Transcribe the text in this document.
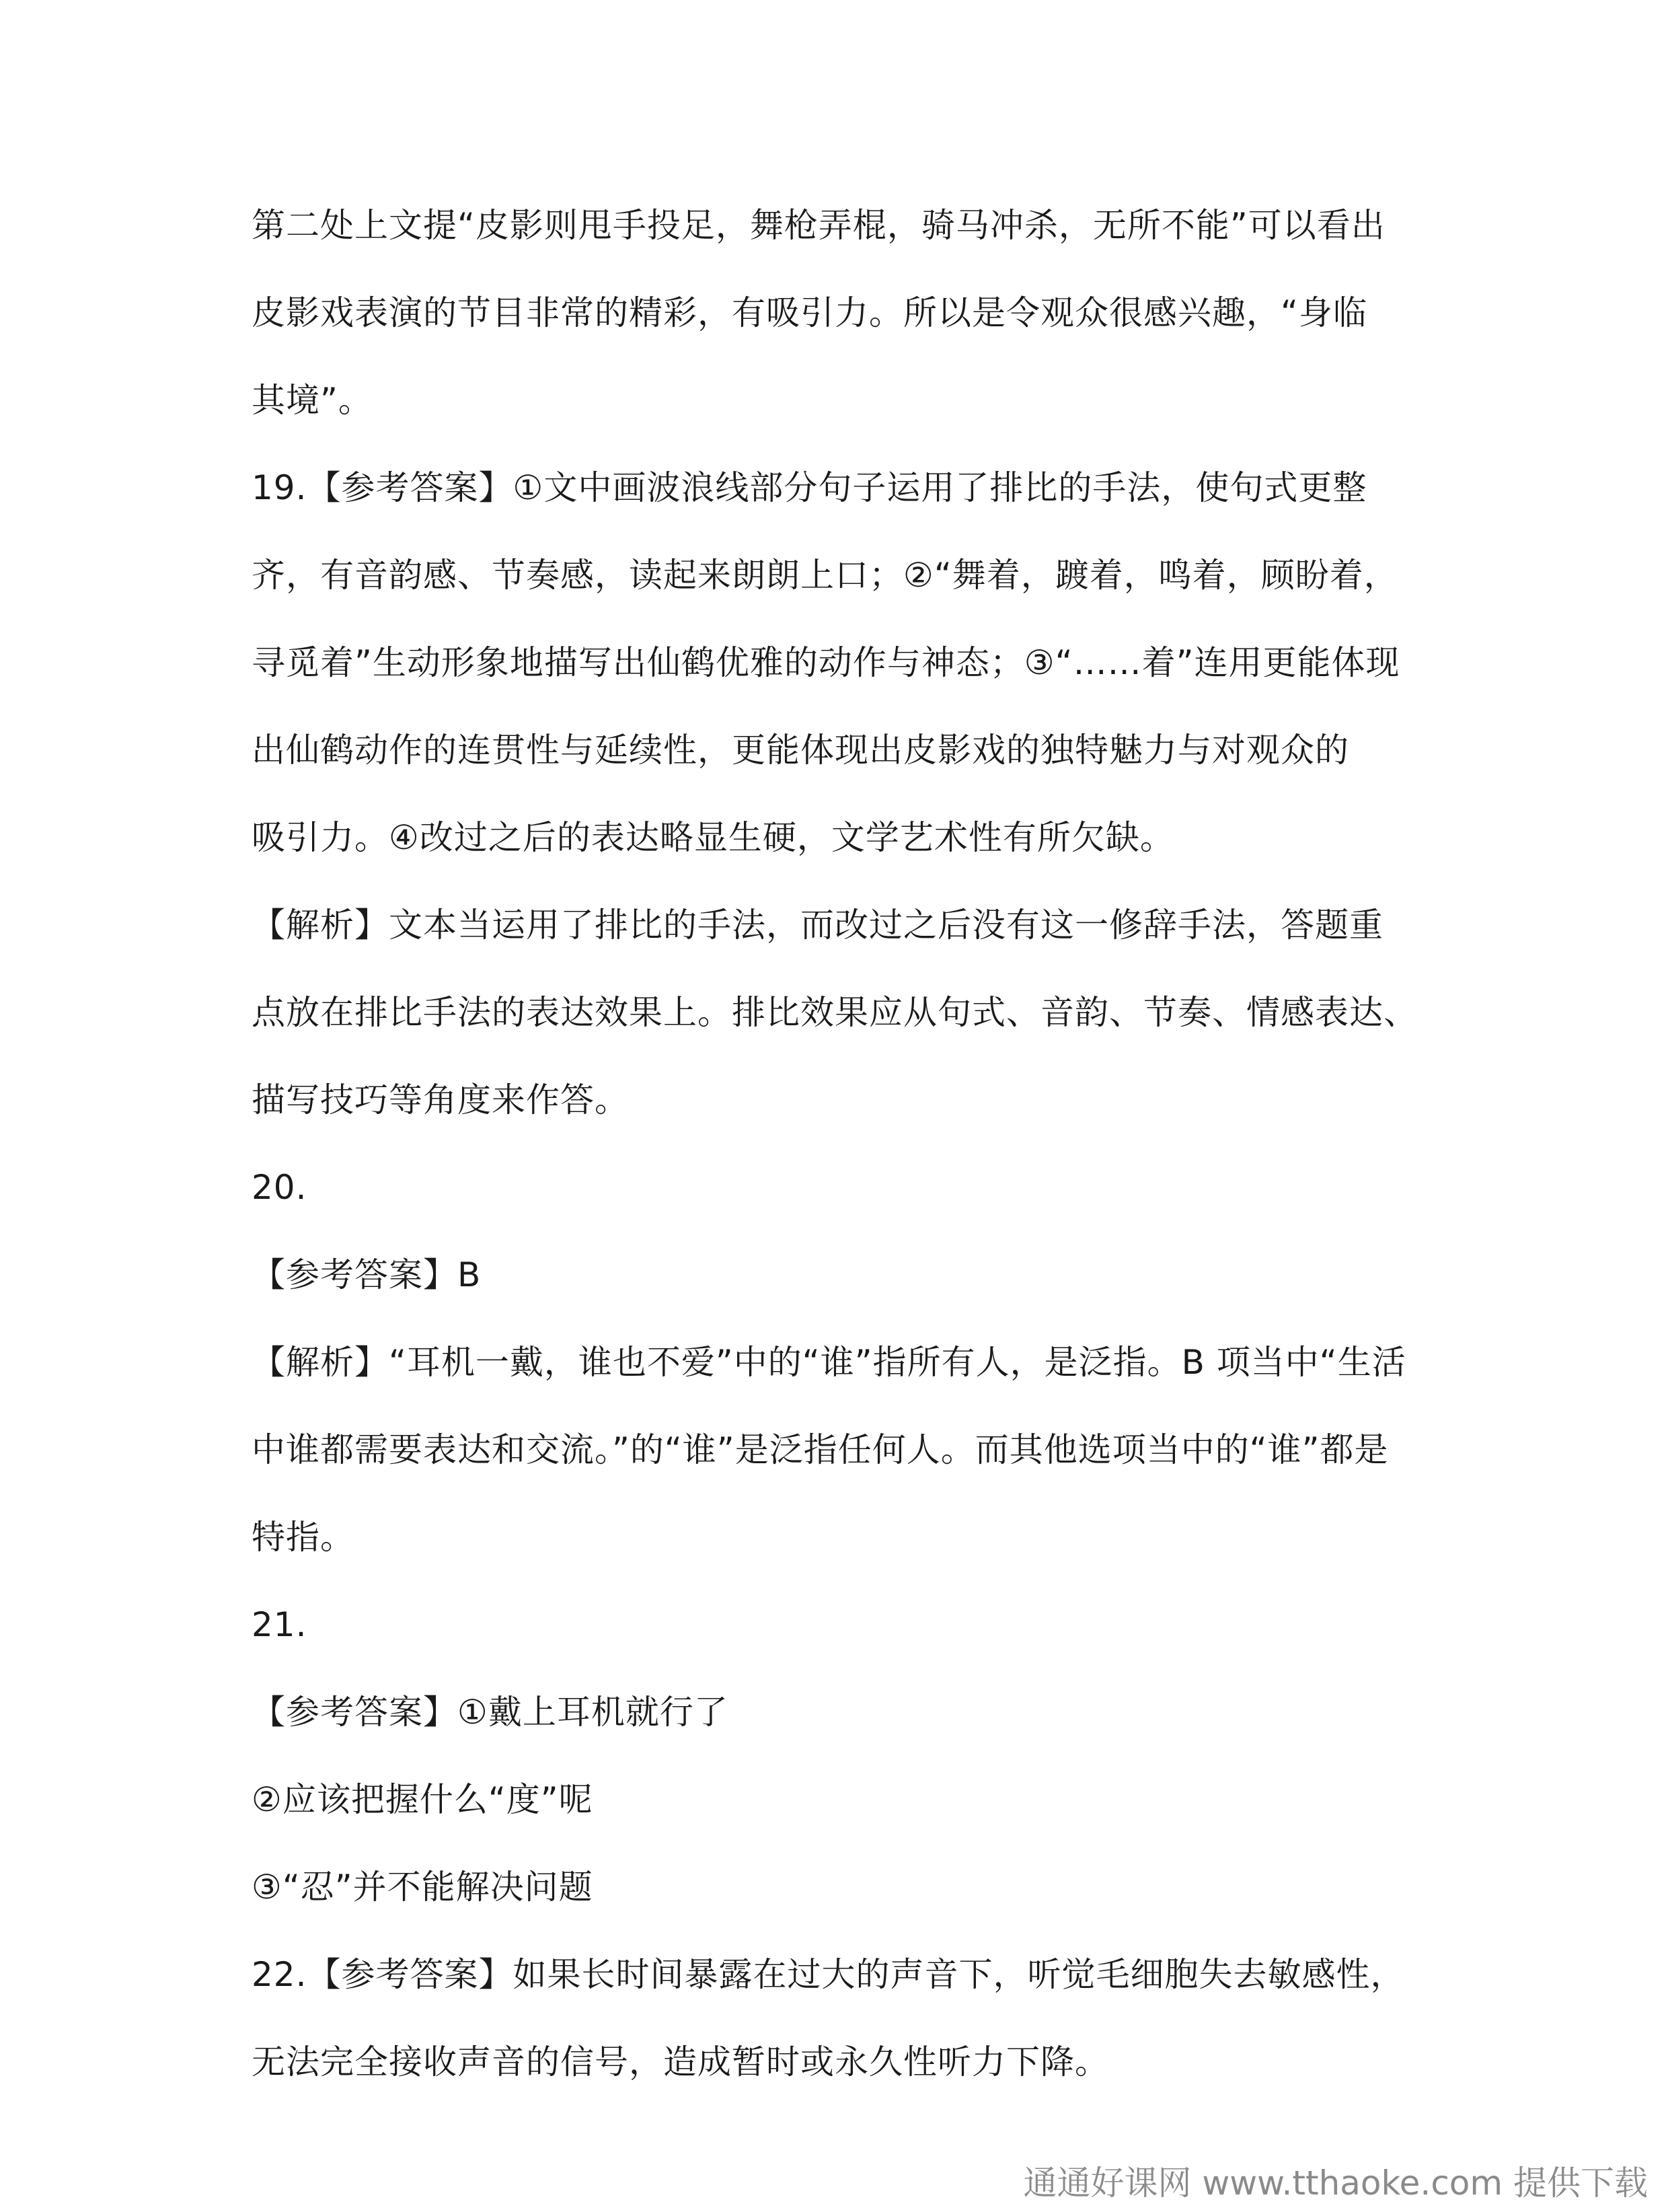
第二处上文提“皮影则甩手投足，舞枪弄棍，骑马冲杀，无所不能”可以看出
皮影戏表演的节目非常的精彩，有吸引力。所以是令观众很感兴趣，“身临
其境”。
19.【参考答案】①文中画波浪线部分句子运用了排比的手法，使句式更整
齐，有音韵感、节奏感，读起来朗朗上口；②“舞着，踱着，鸣着，顾盼着，
寻觅着”生动形象地描写出仙鹤优雅的动作与神态；③“……着”连用更能体现
出仙鹤动作的连贯性与延续性，更能体现出皮影戏的独特魅力与对观众的
吸引力。④改过之后的表达略显生硬，文学艺术性有所欠缺。
【解析】文本当运用了排比的手法，而改过之后没有这一修辞手法，答题重
点放在排比手法的表达效果上。排比效果应从句式、音韵、节奏、情感表达、
描写技巧等角度来作答。
20.
【参考答案】B
【解析】“耳机一戴，谁也不爱”中的“谁”指所有人，是泛指。B 项当中“生活
中谁都需要表达和交流。”的“谁”是泛指任何人。而其他选项当中的“谁”都是
特指。
21.
【参考答案】①戴上耳机就行了
②应该把握什么“度”呢
③“忍”并不能解决问题
22.【参考答案】如果长时间暴露在过大的声音下，听觉毛细胞失去敏感性，
无法完全接收声音的信号，造成暂时或永久性听力下降。
通通好课网 www.tthaoke.com 提供下载
